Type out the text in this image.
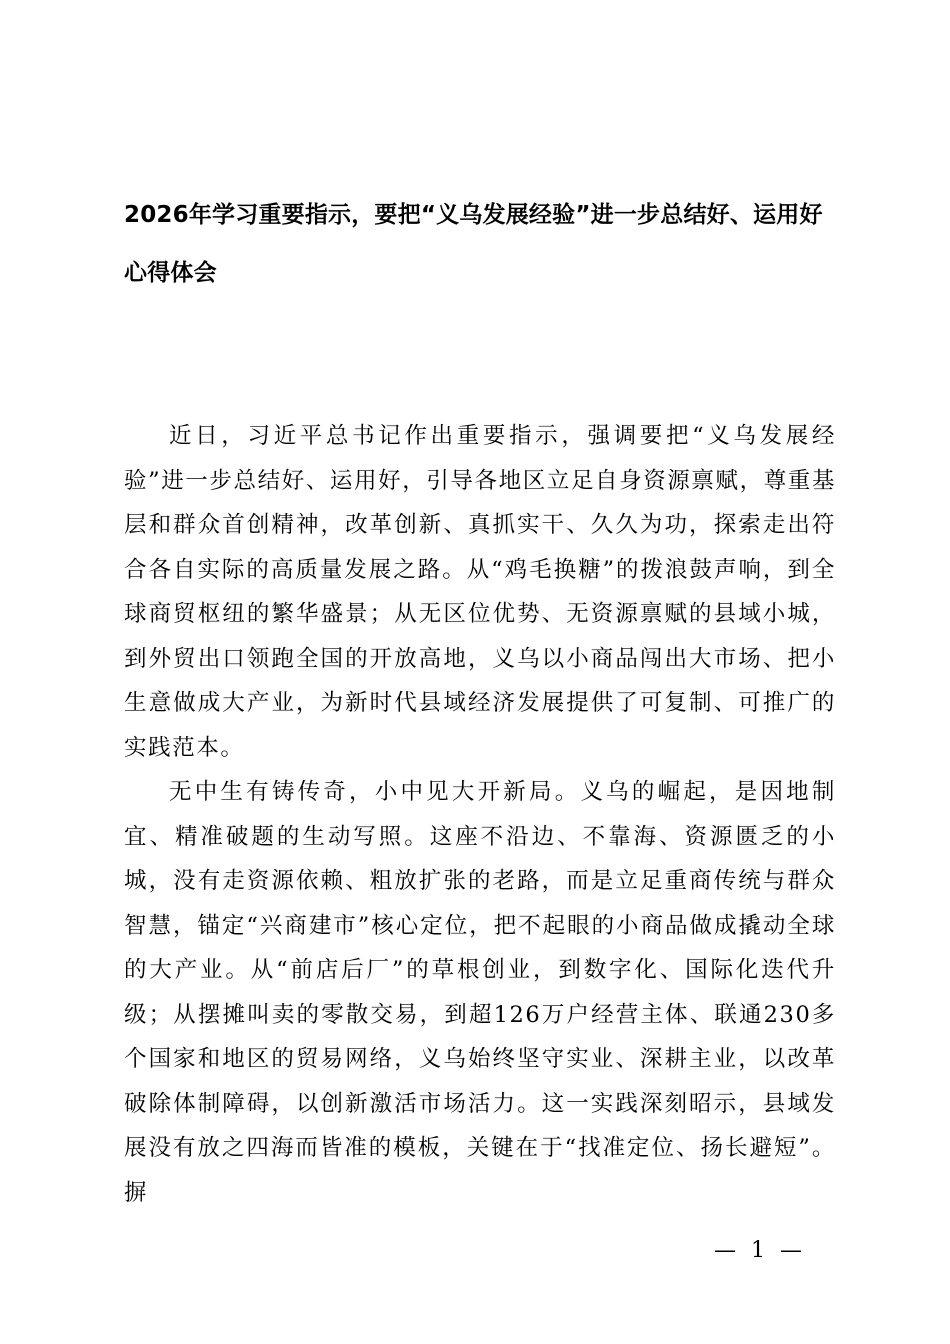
2026年学习重要指示，要把“义乌发展经验”进一步总结好、运用好心得体会

近日，习近平总书记作出重要指示，强调要把“义乌发展经验”进一步总结好、运用好，引导各地区立足自身资源禀赋，尊重基层和群众首创精神，改革创新、真抓实干、久久为功，探索走出符合各自实际的高质量发展之路。从“鸡毛换糖”的拨浪鼓声响，到全球商贸枢纽的繁华盛景；从无区位优势、无资源禀赋的县域小城，到外贸出口领跑全国的开放高地，义乌以小商品闯出大市场、把小生意做成大产业，为新时代县域经济发展提供了可复制、可推广的实践范本。

无中生有铸传奇，小中见大开新局。义乌的崛起，是因地制宜、精准破题的生动写照。这座不沿边、不靠海、资源匮乏的小城，没有走资源依赖、粗放扩张的老路，而是立足重商传统与群众智慧，锚定“兴商建市”核心定位，把不起眼的小商品做成撬动全球的大产业。从“前店后厂”的草根创业，到数字化、国际化迭代升级；从摆摊叫卖的零散交易，到超126万户经营主体、联通230多个国家和地区的贸易网络，义乌始终坚守实业、深耕主业，以改革破除体制障碍，以创新激活市场活力。这一实践深刻昭示，县域发展没有放之四海而皆准的模板，关键在于“找准定位、扬长避短”。摒

— 1 —
